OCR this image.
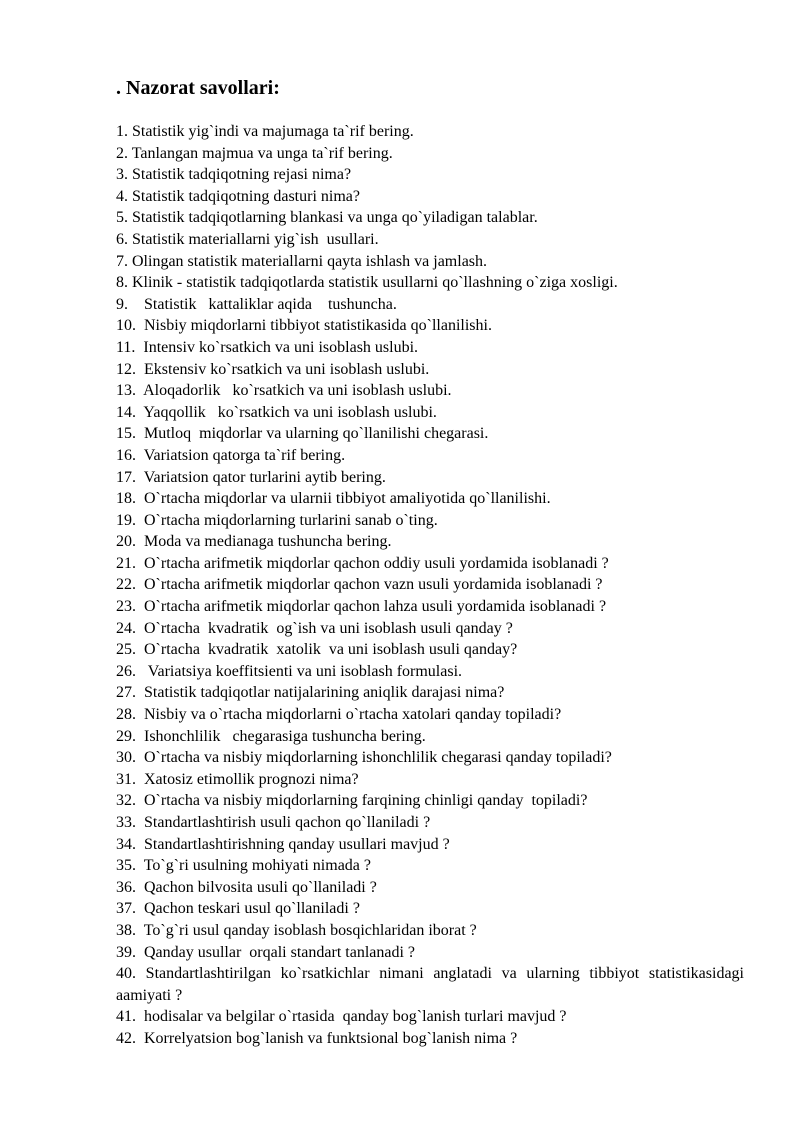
. Nazorat savollari:
1. Statistik yig`indi va majumaga ta`rif bering.
2. Tanlangan majmua va unga ta`rif bering.
3. Statistik tadqiqotning rejasi nima?
4. Statistik tadqiqotning dasturi nima?
5. Statistik tadqiqotlarning blankasi va unga qo`yiladigan talablar.
6. Statistik materiallarni yig`ish  usullari.
7. Olingan statistik materiallarni qayta ishlash va jamlash.
8. Klinik - statistik tadqiqotlarda statistik usullarni qo`llashning o`ziga xosligi.
9.    Statistik   kattaliklar aqida    tushuncha.
10.  Nisbiy miqdorlarni tibbiyot statistikasida qo`llanilishi.
11.  Intensiv ko`rsatkich va uni isoblash uslubi.
12.  Ekstensiv ko`rsatkich va uni isoblash uslubi.
13.  Aloqadorlik   ko`rsatkich va uni isoblash uslubi.
14.  Yaqqollik   ko`rsatkich va uni isoblash uslubi.
15.  Mutloq  miqdorlar va ularning qo`llanilishi chegarasi.
16.  Variatsion qatorga ta`rif bering.
17.  Variatsion qator turlarini aytib bering.
18.  O`rtacha miqdorlar va ularnii tibbiyot amaliyotida qo`llanilishi.
19.  O`rtacha miqdorlarning turlarini sanab o`ting.
20.  Moda va medianaga tushuncha bering.
21.  O`rtacha arifmetik miqdorlar qachon oddiy usuli yordamida isoblanadi ?
22.  O`rtacha arifmetik miqdorlar qachon vazn usuli yordamida isoblanadi ?
23.  O`rtacha arifmetik miqdorlar qachon lahza usuli yordamida isoblanadi ?
24.  O`rtacha  kvadratik  og`ish va uni isoblash usuli qanday ?
25.  O`rtacha  kvadratik  xatolik  va uni isoblash usuli qanday?
26.   Variatsiya koeffitsienti va uni isoblash formulasi.
27.  Statistik tadqiqotlar natijalarining aniqlik darajasi nima?
28.  Nisbiy va o`rtacha miqdorlarni o`rtacha xatolari qanday topiladi?
29.  Ishonchlilik   chegarasiga tushuncha bering.
30.  O`rtacha va nisbiy miqdorlarning ishonchlilik chegarasi qanday topiladi?
31.  Xatosiz etimollik prognozi nima?
32.  O`rtacha va nisbiy miqdorlarning farqining chinligi qanday  topiladi?
33.  Standartlashtirish usuli qachon qo`llaniladi ?
34.  Standartlashtirishning qanday usullari mavjud ?
35.  To`g`ri usulning mohiyati nimada ?
36.  Qachon bilvosita usuli qo`llaniladi ?
37.  Qachon teskari usul qo`llaniladi ?
38.  To`g`ri usul qanday isoblash bosqichlaridan iborat ?
39.  Qanday usullar  orqali standart tanlanadi ?
40. Standartlashtirilgan ko`rsatkichlar nimani anglatadi va ularning tibbiyot statistikasidagi aamiyati ?
41.  hodisalar va belgilar o`rtasida  qanday bog`lanish turlari mavjud ?
42.  Korrelyatsion bog`lanish va funktsional bog`lanish nima ?
